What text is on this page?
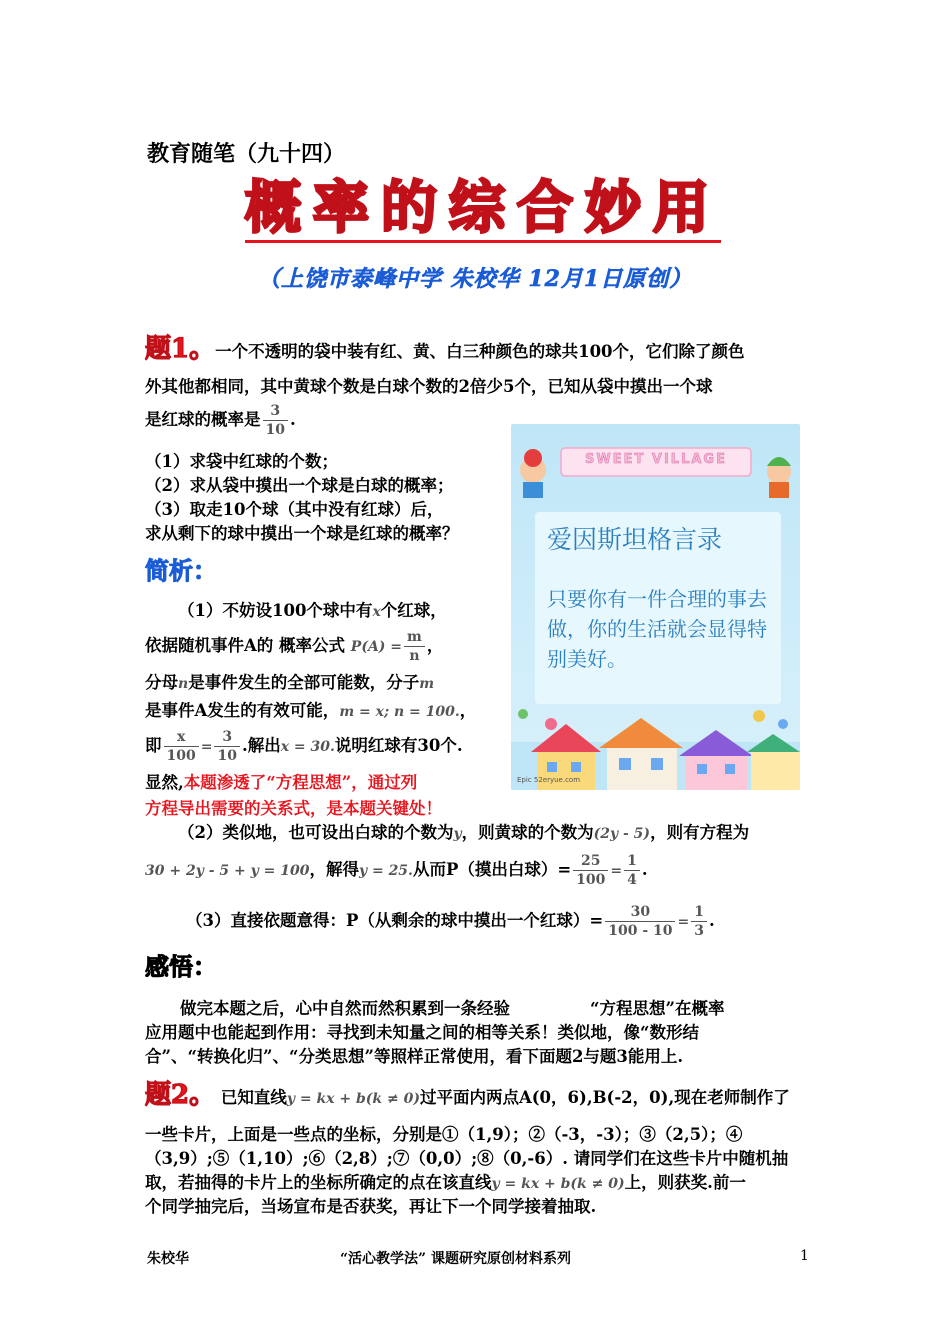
教育随笔（九十四）
概率的综合妙用
（上饶市泰峰中学 朱校华 12月1日原创）
题1。一个不透明的袋中装有红、黄、白三种颜色的球共100个，它们除了颜色
外其他都相同，其中黄球个数是白球个数的2倍少5个，已知从袋中摸出一个球
是红球的概率是 $\frac{3}{10}$ .
（1）求袋中红球的个数；
（2）求从袋中摸出一个球是白球的概率；
（3）取走10个球（其中没有红球）后，
求从剩下的球中摸出一个球是红球的概率？
简析：
（1）不妨设100个球中有x个红球，
依据随机事件A的 概率公式 $P(A) = \frac{m}{n}$ ，
分母n是事件发生的全部可能数，分子m
是事件A发生的有效可能，m = x; n = 100.，
即 $\frac{x}{100} = \frac{3}{10}$ .解出x = 30.说明红球有30个.
显然,本题渗透了“方程思想”，通过列
方程导出需要的关系式，是本题关键处！
（2）类似地，也可设出白球的个数为y，则黄球的个数为(2y - 5)，则有方程为
30 + 2y - 5 + y = 100，解得y = 25.从而P（摸出白球）= $\frac{25}{100} = \frac{1}{4}$ .
（3）直接依题意得：P（从剩余的球中摸出一个红球）= $\frac{30}{100 - 10} = \frac{1}{3}$ .
感悟：
做完本题之后，心中自然而然积累到一条经验	“方程思想”在概率
应用题中也能起到作用：寻找到未知量之间的相等关系！类似地，像“数形结
合”、“转换化归”、“分类思想”等照样正常使用，看下面题2与题3能用上.
题2。 已知直线y = kx + b(k ≠ 0)过平面内两点A(0，6),B(-2，0),现在老师制作了
一些卡片，上面是一些点的坐标，分别是①（1,9）；②（-3，-3）；③（2,5）；④
（3,9）;⑤（1,10）;⑥（2,8）;⑦（0,0）;⑧（0,-6）. 请同学们在这些卡片中随机抽
取，若抽得的卡片上的坐标所确定的点在该直线y = kx + b(k ≠ 0)上，则获奖.前一
个同学抽完后，当场宣布是否获奖，再让下一个同学接着抽取.
SWEET VILLAGE
爱因斯坦格言录
只要你有一件合理的事去做，你的生活就会显得特别美好。
Epic 52eryue.com
朱校华	“活心教学法” 课题研究原创材料系列	1
